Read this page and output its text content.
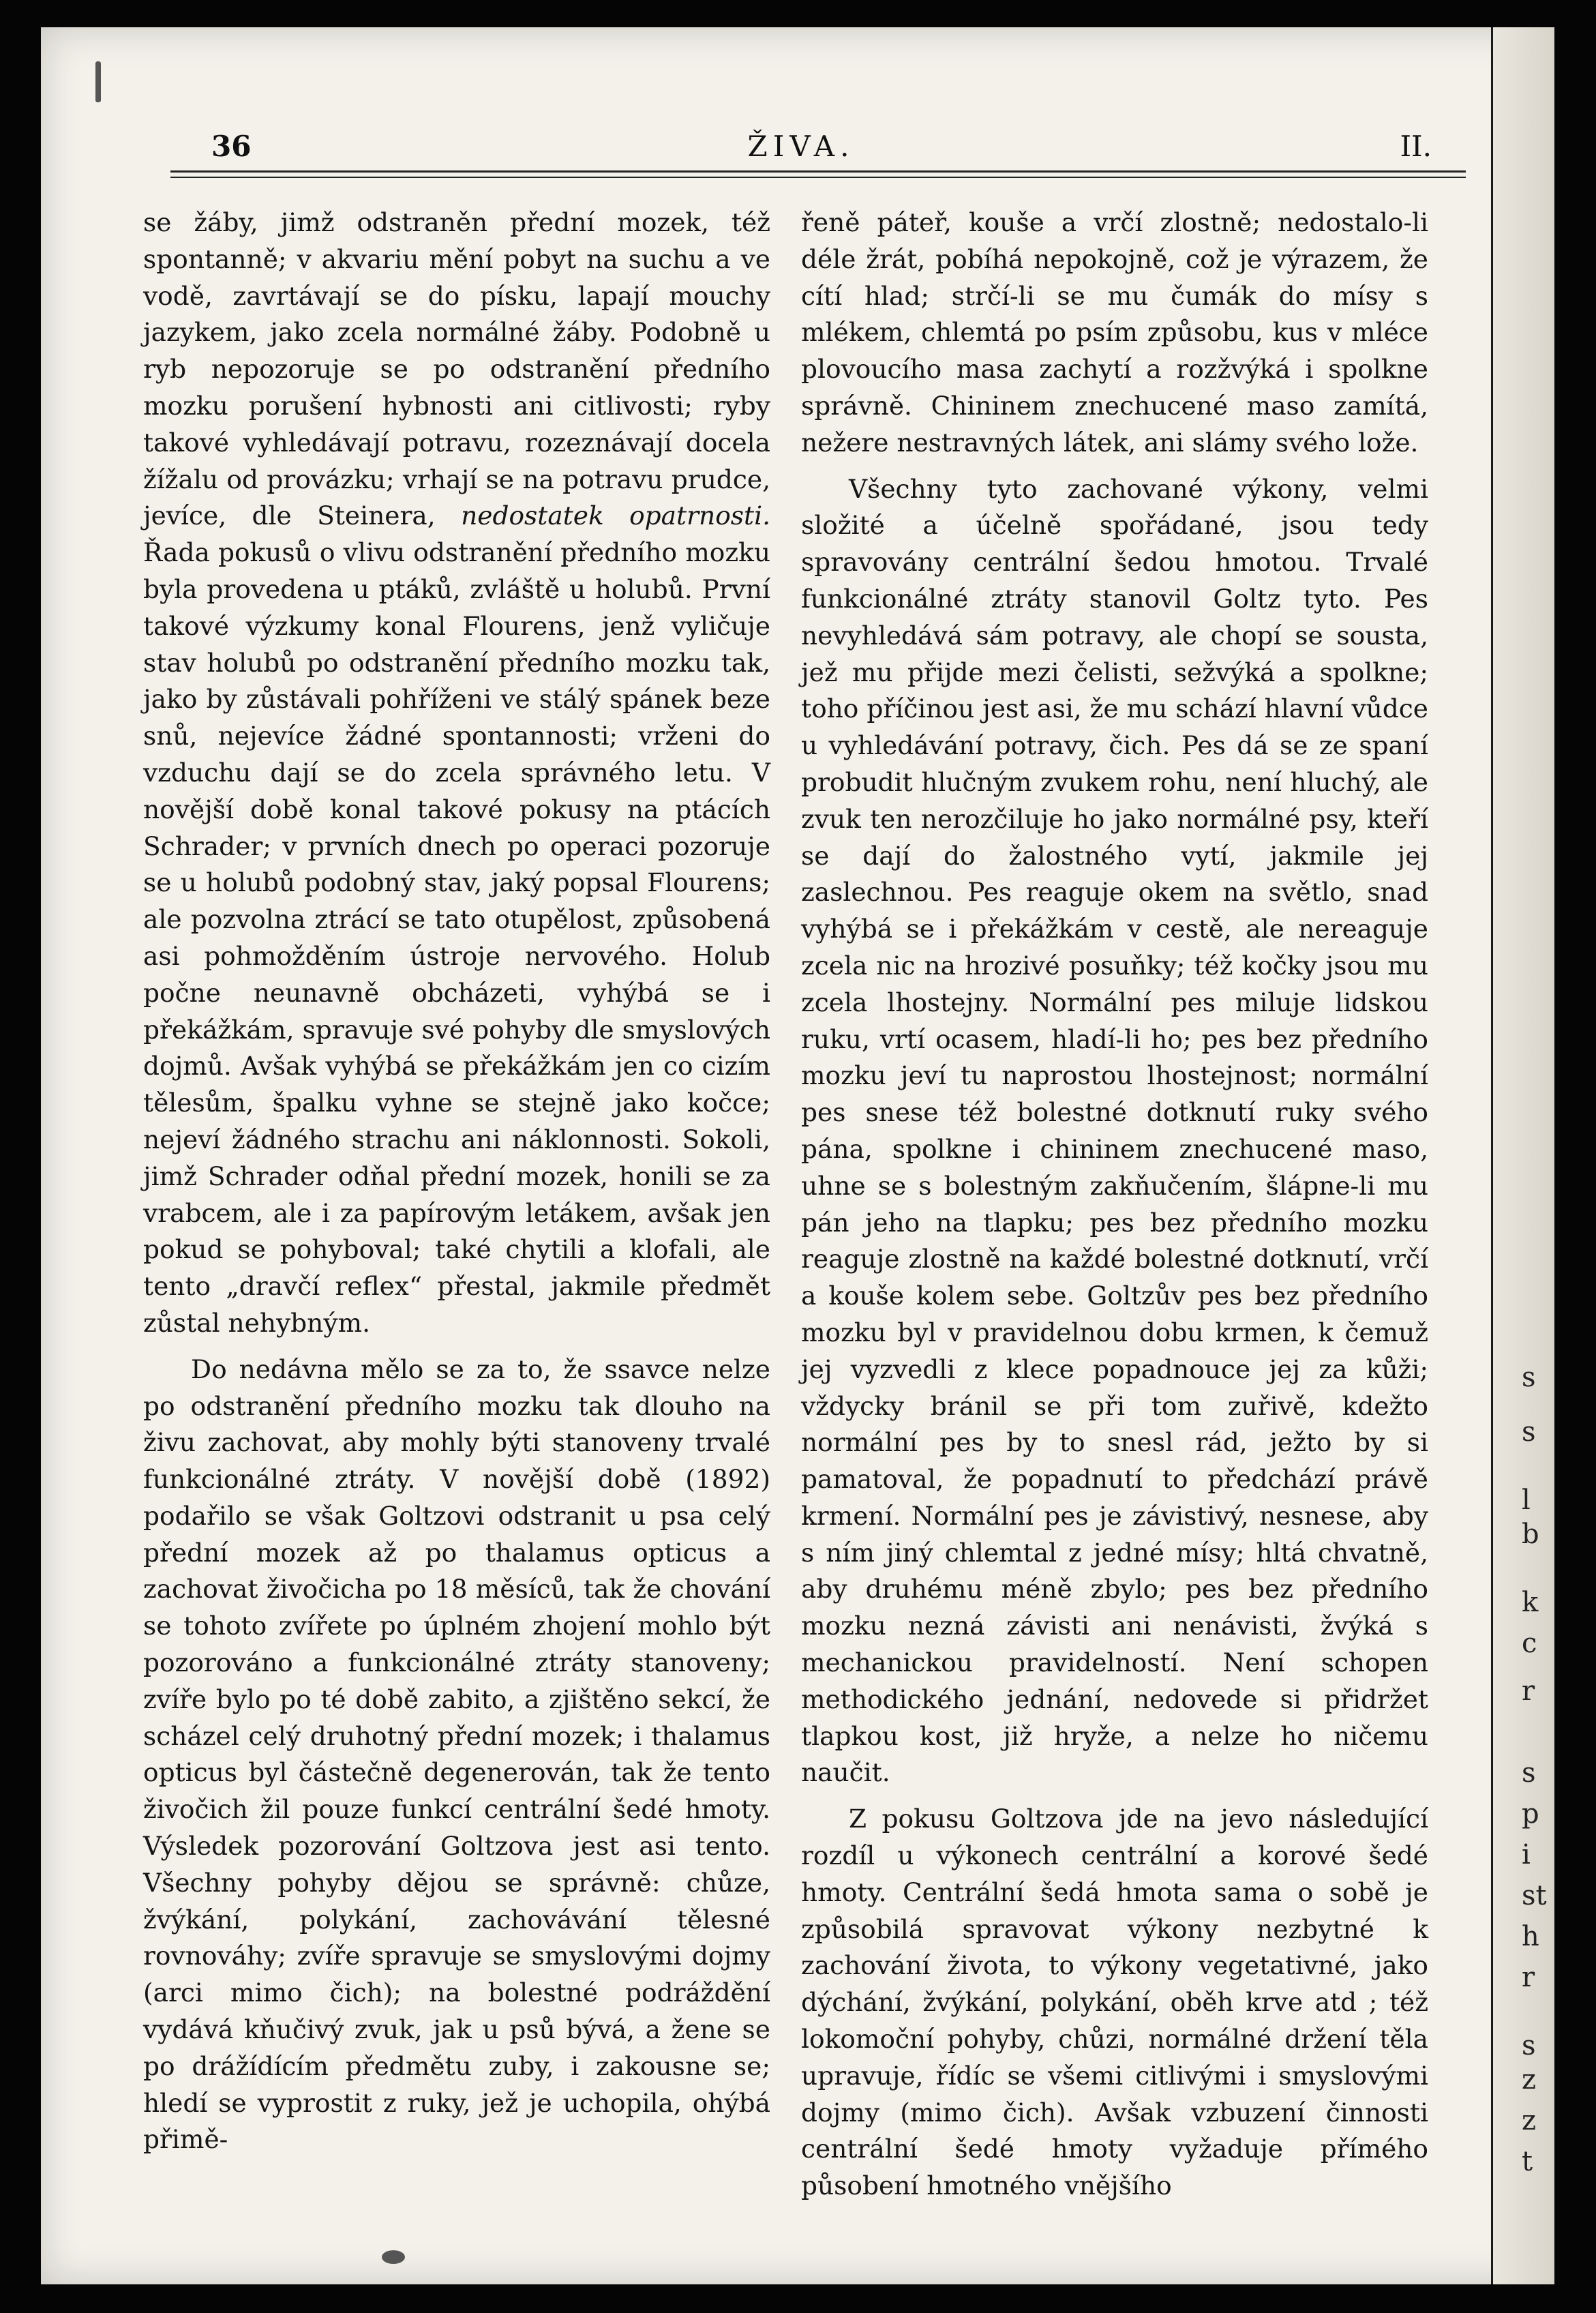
s
s
l
b
k
c
r
s
p
i
st
h
r
s
z
z
t
36	ŽIVA.	II.

se žáby, jimž odstraněn přední mozek, též spontanně; v akvariu mění pobyt na suchu a ve vodě, zavrtávají se do písku, lapají mouchy jazykem, jako zcela normálné žáby. Podobně u ryb nepozoruje se po odstranění předního mozku porušení hybnosti ani citlivosti; ryby takové vyhledávají potravu, rozeznávají docela žížalu od provázku; vrhají se na potravu prudce, jevíce, dle Steinera, nedostatek opatrnosti. Řada pokusů o vlivu odstranění předního mozku byla provedena u ptáků, zvláště u holubů. První takové výzkumy konal Flourens, jenž vyličuje stav holubů po odstranění předního mozku tak, jako by zůstávali pohříženi ve stálý spánek beze snů, nejevíce žádné spontannosti; vrženi do vzduchu dají se do zcela správného letu. V novější době konal takové pokusy na ptácích Schrader; v prvních dnech po operaci pozoruje se u holubů podobný stav, jaký popsal Flourens; ale pozvolna ztrácí se tato otupělost, způsobená asi pohmožděním ústroje nervového. Holub počne neunavně obcházeti, vyhýbá se i překážkám, spravuje své pohyby dle smyslových dojmů. Avšak vyhýbá se překážkám jen co cizím tělesům, špalku vyhne se stejně jako kočce; nejeví žádného strachu ani náklonnosti. Sokoli, jimž Schrader odňal přední mozek, honili se za vrabcem, ale i za papírovým letákem, avšak jen pokud se pohyboval; také chytili a klofali, ale tento „dravčí reflex“ přestal, jakmile předmět zůstal nehybným.

Do nedávna mělo se za to, že ssavce nelze po odstranění předního mozku tak dlouho na živu zachovat, aby mohly býti stanoveny trvalé funkcionálné ztráty. V novější době (1892) podařilo se však Goltzovi odstranit u psa celý přední mozek až po thalamus opticus a zachovat živočicha po 18 měsíců, tak že chování se tohoto zvířete po úplném zhojení mohlo být pozorováno a funkcionálné ztráty stanoveny; zvíře bylo po té době zabito, a zjištěno sekcí, že scházel celý druhotný přední mozek; i thalamus opticus byl částečně degenerován, tak že tento živočich žil pouze funkcí centrální šedé hmoty. Výsledek pozorování Goltzova jest asi tento. Všechny pohyby dějou se správně: chůze, žvýkání, polykání, zachovávání tělesné rovnováhy; zvíře spravuje se smyslovými dojmy (arci mimo čich); na bolestné podráždění vydává kňučivý zvuk, jak u psů bývá, a žene se po drážídícím předmětu zuby, i zakousne se; hledí se vyprostit z ruky, jež je uchopila, ohýbá přimě-

řeně páteř, kouše a vrčí zlostně; nedostalo-li déle žrát, pobíhá nepokojně, což je výrazem, že cítí hlad; strčí-li se mu čumák do mísy s mlékem, chlemtá po psím způsobu, kus v mléce plovoucího masa zachytí a rozžvýká i spolkne správně. Chininem znechucené maso zamítá, nežere nestravných látek, ani slámy svého lože.

Všechny tyto zachované výkony, velmi složité a účelně spořádané, jsou tedy spravovány centrální šedou hmotou. Trvalé funkcionálné ztráty stanovil Goltz tyto. Pes nevyhledává sám potravy, ale chopí se sousta, jež mu přijde mezi čelisti, sežvýká a spolkne; toho příčinou jest asi, že mu schází hlavní vůdce u vyhledávání potravy, čich. Pes dá se ze spaní probudit hlučným zvukem rohu, není hluchý, ale zvuk ten nerozčiluje ho jako normálné psy, kteří se dají do žalostného vytí, jakmile jej zaslechnou. Pes reaguje okem na světlo, snad vyhýbá se i překážkám v cestě, ale nereaguje zcela nic na hrozivé posuňky; též kočky jsou mu zcela lhostejny. Normální pes miluje lidskou ruku, vrtí ocasem, hladí-li ho; pes bez předního mozku jeví tu naprostou lhostejnost; normální pes snese též bolestné dotknutí ruky svého pána, spolkne i chininem znechucené maso, uhne se s bolestným zakňučením, šlápne-li mu pán jeho na tlapku; pes bez předního mozku reaguje zlostně na každé bolestné dotknutí, vrčí a kouše kolem sebe. Goltzův pes bez předního mozku byl v pravidelnou dobu krmen, k čemuž jej vyzvedli z klece popadnouce jej za kůži; vždycky bránil se při tom zuřivě, kdežto normální pes by to snesl rád, ježto by si pamatoval, že popadnutí to předchází právě krmení. Normální pes je závistivý, nesnese, aby s ním jiný chlemtal z jedné mísy; hltá chvatně, aby druhému méně zbylo; pes bez předního mozku nezná závisti ani nenávisti, žvýká s mechanickou pravidelností. Není schopen methodického jednání, nedovede si přidržet tlapkou kost, již hryže, a nelze ho ničemu naučit.

Z pokusu Goltzova jde na jevo následující rozdíl u výkonech centrální a korové šedé hmoty. Centrální šedá hmota sama o sobě je způsobilá spravovat výkony nezbytné k zachování života, to výkony vegetativné, jako dýchání, žvýkání, polykání, oběh krve atd ; též lokomoční pohyby, chůzi, normálné držení těla upravuje, řídíc se všemi citlivými i smyslovými dojmy (mimo čich). Avšak vzbuzení činnosti centrální šedé hmoty vyžaduje přímého působení hmotného vnějšího
